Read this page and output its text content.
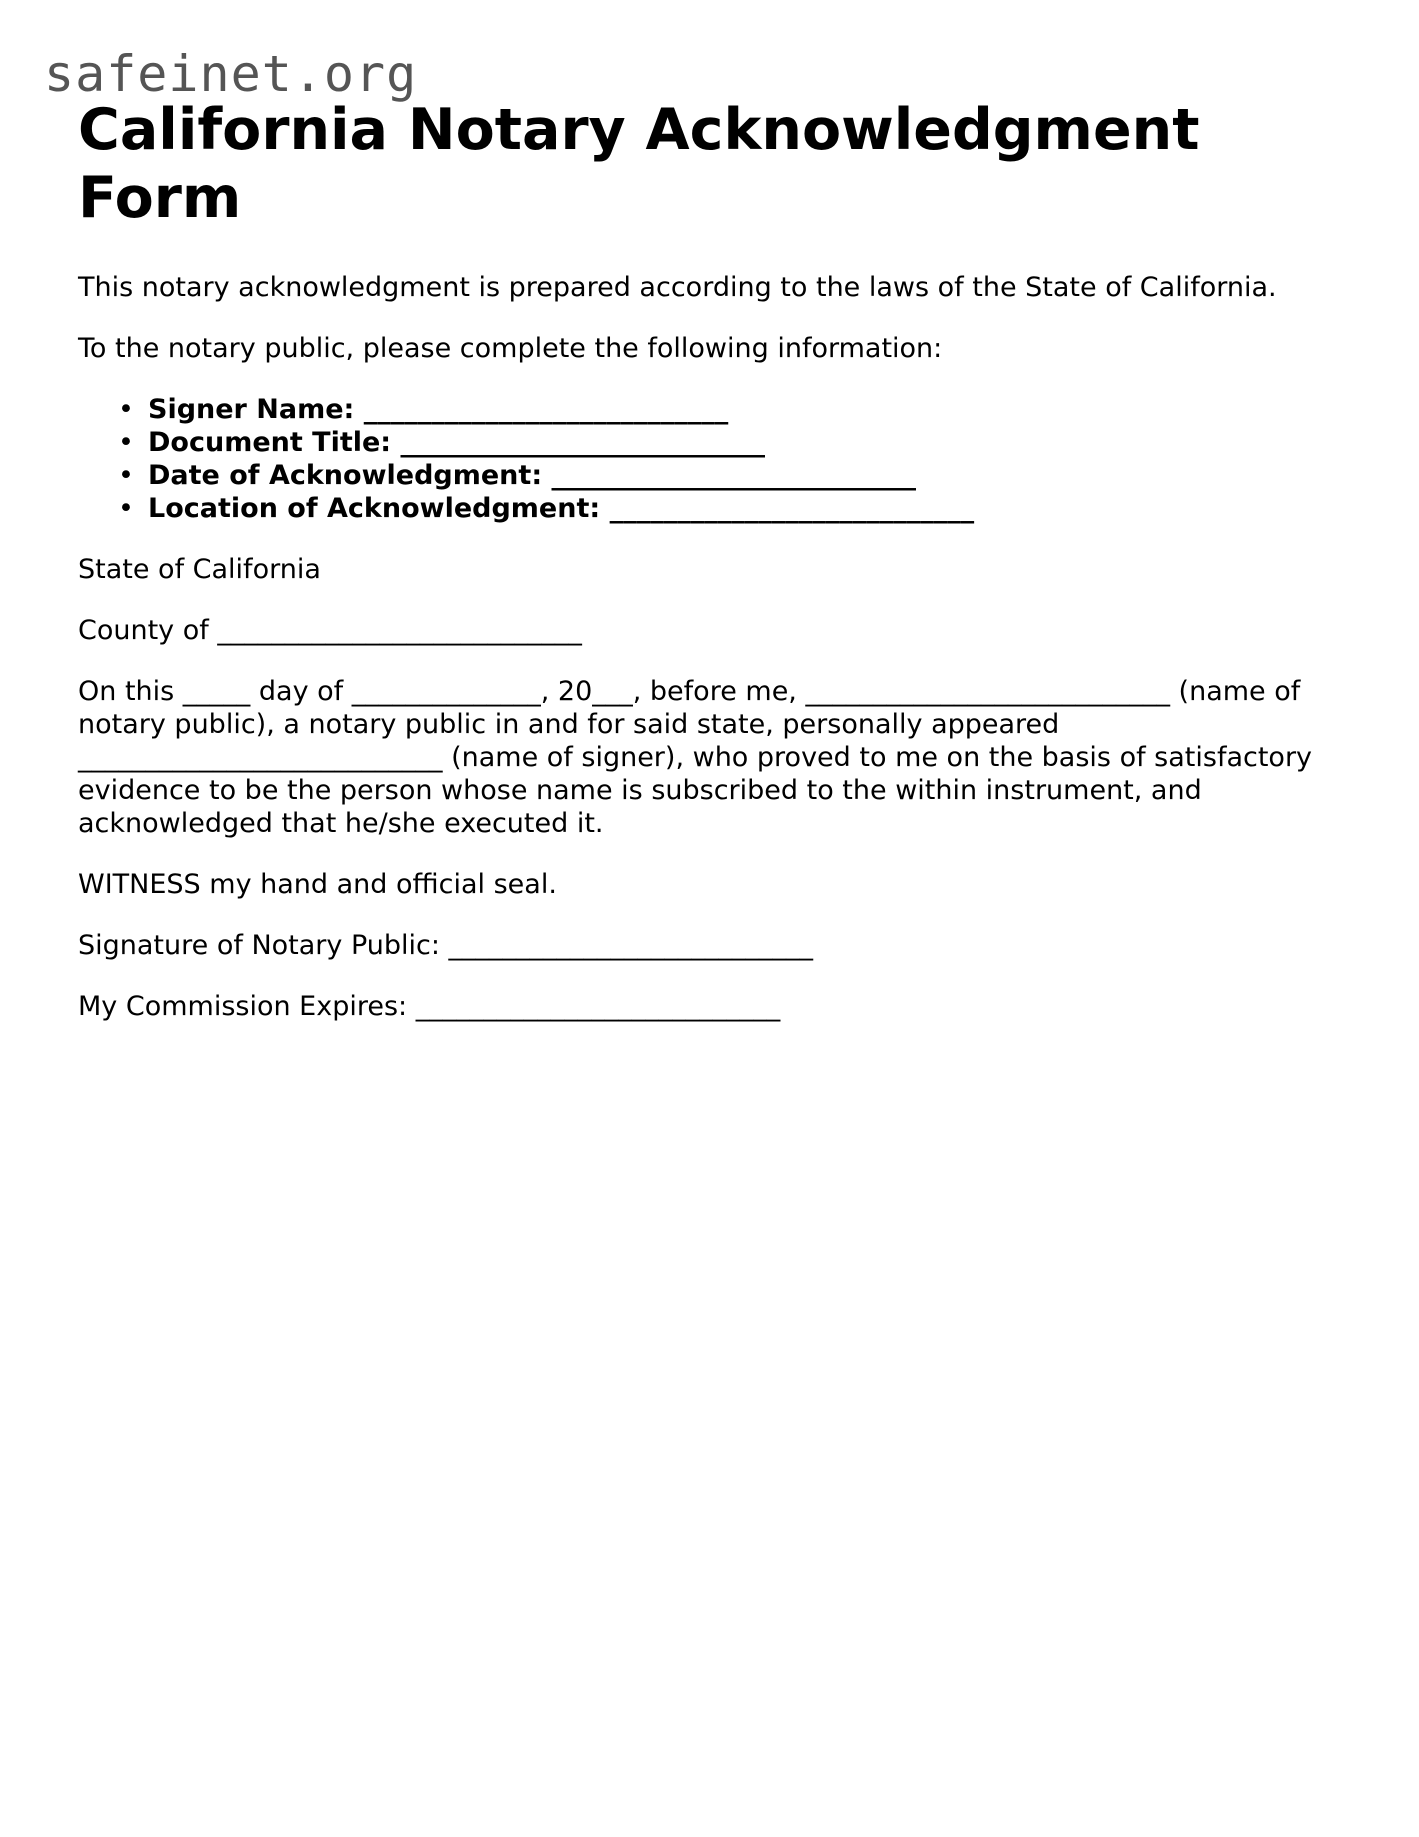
safeinet.org
California Notary Acknowledgment Form

This notary acknowledgment is prepared according to the laws of the State of California.

To the notary public, please complete the following information:

• Signer Name: ___________________________
• Document Title: ___________________________
• Date of Acknowledgment: ___________________________
• Location of Acknowledgment: ___________________________

State of California

County of ___________________________

On this _____ day of ______________, 20___, before me, ___________________________ (name of notary public), a notary public in and for said state, personally appeared ___________________________ (name of signer), who proved to me on the basis of satisfactory evidence to be the person whose name is subscribed to the within instrument, and acknowledged that he/she executed it.

WITNESS my hand and official seal.

Signature of Notary Public: ___________________________

My Commission Expires: ___________________________
